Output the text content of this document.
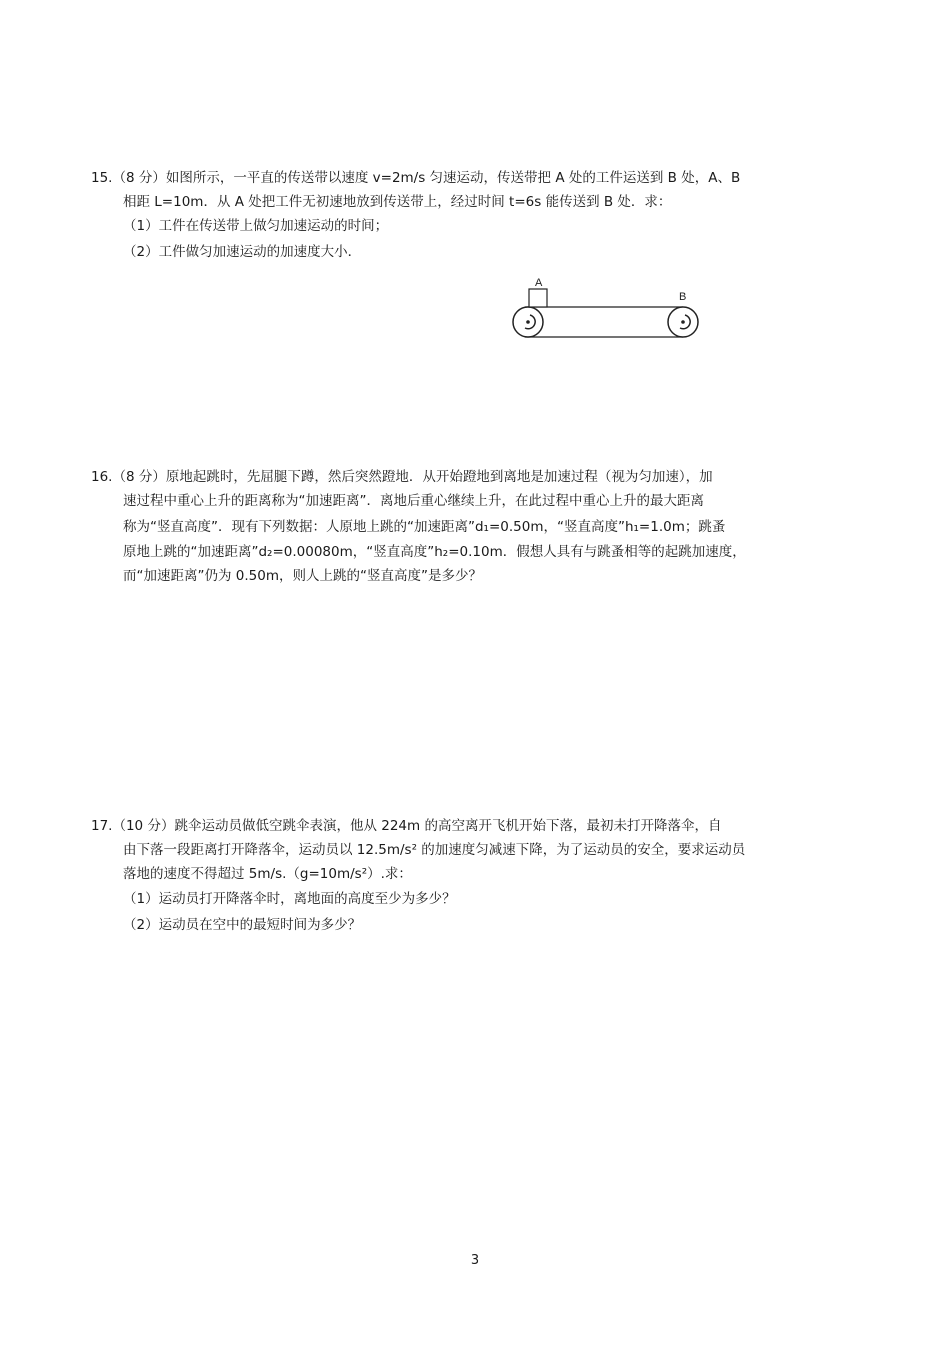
15.（8 分）如图所示，一平直的传送带以速度 v=2m/s 匀速运动，传送带把 A 处的工件运送到 B 处，A、B
相距 L=10m．从 A 处把工件无初速地放到传送带上，经过时间 t=6s 能传送到 B 处．求：
（1）工件在传送带上做匀加速运动的时间；
（2）工件做匀加速运动的加速度大小．
A
B
16.（8 分）原地起跳时，先屈腿下蹲，然后突然蹬地．从开始蹬地到离地是加速过程（视为匀加速），加
速过程中重心上升的距离称为“加速距离”．离地后重心继续上升，在此过程中重心上升的最大距离
称为“竖直高度”．现有下列数据：人原地上跳的“加速距离”d₁=0.50m，“竖直高度”h₁=1.0m；跳蚤
原地上跳的“加速距离”d₂=0.00080m，“竖直高度”h₂=0.10m．假想人具有与跳蚤相等的起跳加速度，
而“加速距离”仍为 0.50m，则人上跳的“竖直高度”是多少？
17.（10 分）跳伞运动员做低空跳伞表演，他从 224m 的高空离开飞机开始下落，最初未打开降落伞，自
由下落一段距离打开降落伞，运动员以 12.5m/s² 的加速度匀减速下降，为了运动员的安全，要求运动员
落地的速度不得超过 5m/s.（g=10m/s²）.求：
（1）运动员打开降落伞时，离地面的高度至少为多少？
（2）运动员在空中的最短时间为多少？
3
